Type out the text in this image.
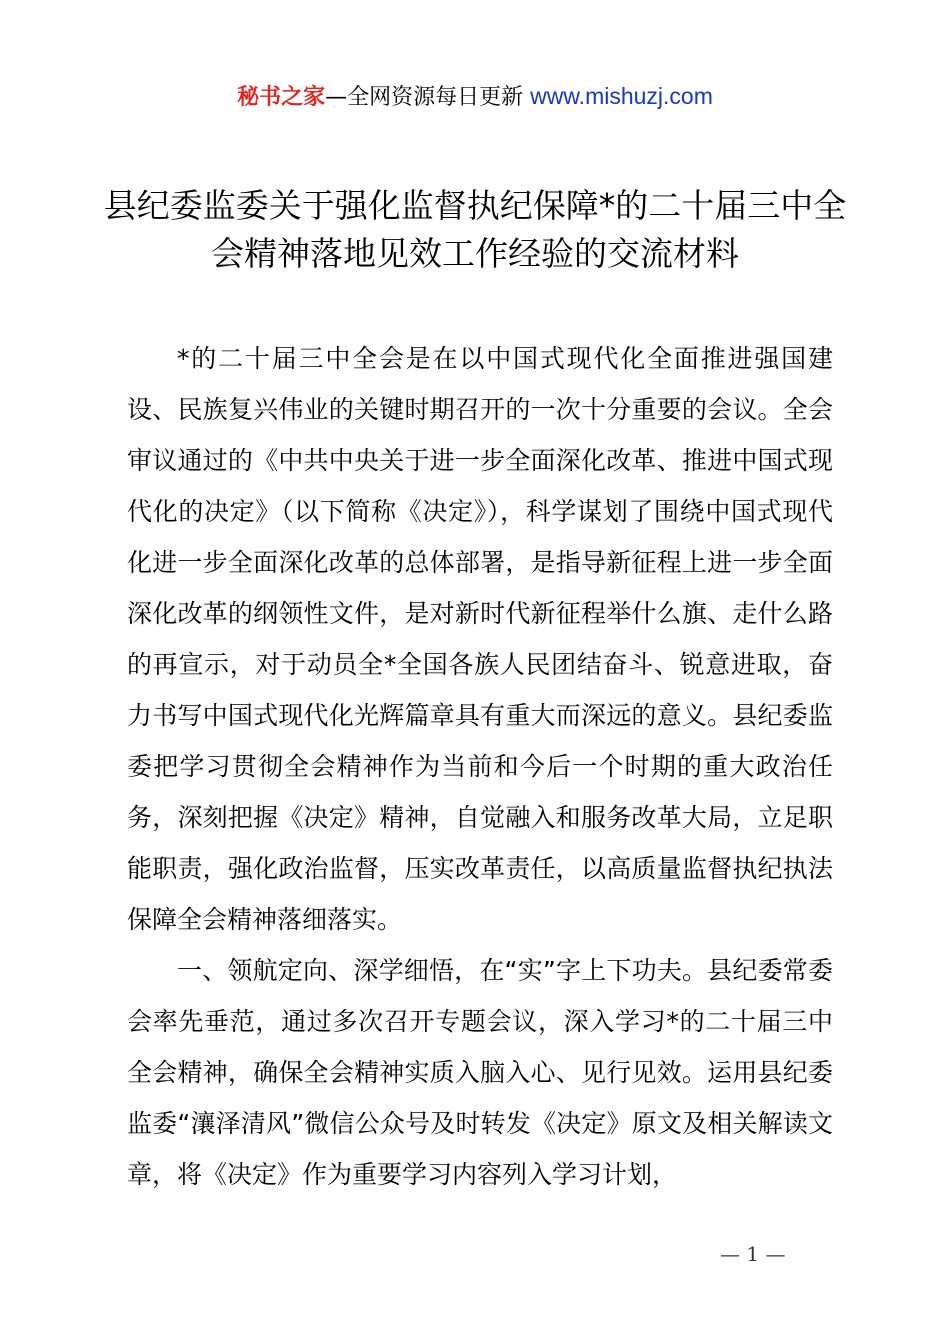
秘书之家—全网资源每日更新 www.mishuzj.com
县纪委监委关于强化监督执纪保障*的二十届三中全会精神落地见效工作经验的交流材料

*的二十届三中全会是在以中国式现代化全面推进强国建设、民族复兴伟业的关键时期召开的一次十分重要的会议。全会审议通过的《中共中央关于进一步全面深化改革、推进中国式现代化的决定》（以下简称《决定》），科学谋划了围绕中国式现代化进一步全面深化改革的总体部署，是指导新征程上进一步全面深化改革的纲领性文件，是对新时代新征程举什么旗、走什么路的再宣示，对于动员全*全国各族人民团结奋斗、锐意进取，奋力书写中国式现代化光辉篇章具有重大而深远的意义。县纪委监委把学习贯彻全会精神作为当前和今后一个时期的重大政治任务，深刻把握《决定》精神，自觉融入和服务改革大局，立足职能职责，强化政治监督，压实改革责任，以高质量监督执纪执法保障全会精神落细落实。

一、领航定向、深学细悟，在“实”字上下功夫。县纪委常委会率先垂范，通过多次召开专题会议，深入学习*的二十届三中全会精神，确保全会精神实质入脑入心、见行见效。运用县纪委监委“瀼泽清风”微信公众号及时转发《决定》原文及相关解读文章，将《决定》作为重要学习内容列入学习计划，

— 1 —
